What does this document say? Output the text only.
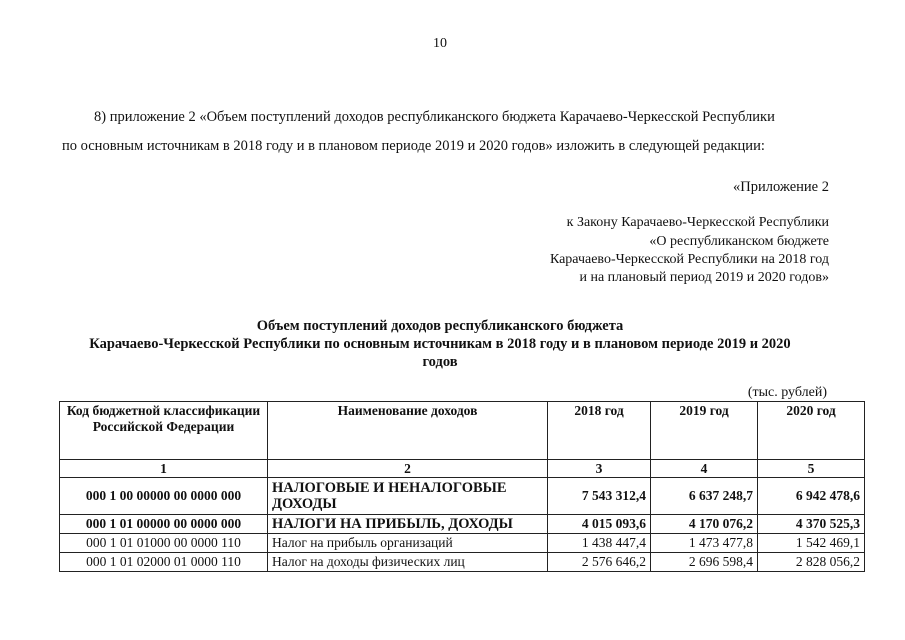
10
8) приложение 2 «Объем поступлений доходов республиканского бюджета Карачаево-Черкесской Республики
по основным источникам в 2018 году и в плановом периоде 2019 и 2020 годов» изложить в следующей редакции:
«Приложение 2
к Закону Карачаево-Черкесской Республики
«О республиканском бюджете
Карачаево-Черкесской Республики на 2018 год
и на плановый период 2019 и 2020 годов»
Объем поступлений доходов республиканского бюджета
Карачаево-Черкесской Республики по основным источникам в 2018 году и в плановом периоде 2019 и 2020
годов
(тыс. рублей)
Код бюджетной классификации Российской Федерации	Наименование доходов	2018 год	2019 год	2020 год
1	2	3	4	5
000 1 00 00000 00 0000 000	НАЛОГОВЫЕ И НЕНАЛОГОВЫЕ ДОХОДЫ	7 543 312,4	6 637 248,7	6 942 478,6
000 1 01 00000 00 0000 000	НАЛОГИ НА ПРИБЫЛЬ, ДОХОДЫ	4 015 093,6	4 170 076,2	4 370 525,3
000 1 01 01000 00 0000 110	Налог на прибыль организаций	1 438 447,4	1 473 477,8	1 542 469,1
000 1 01 02000 01 0000 110	Налог на доходы физических лиц	2 576 646,2	2 696 598,4	2 828 056,2
